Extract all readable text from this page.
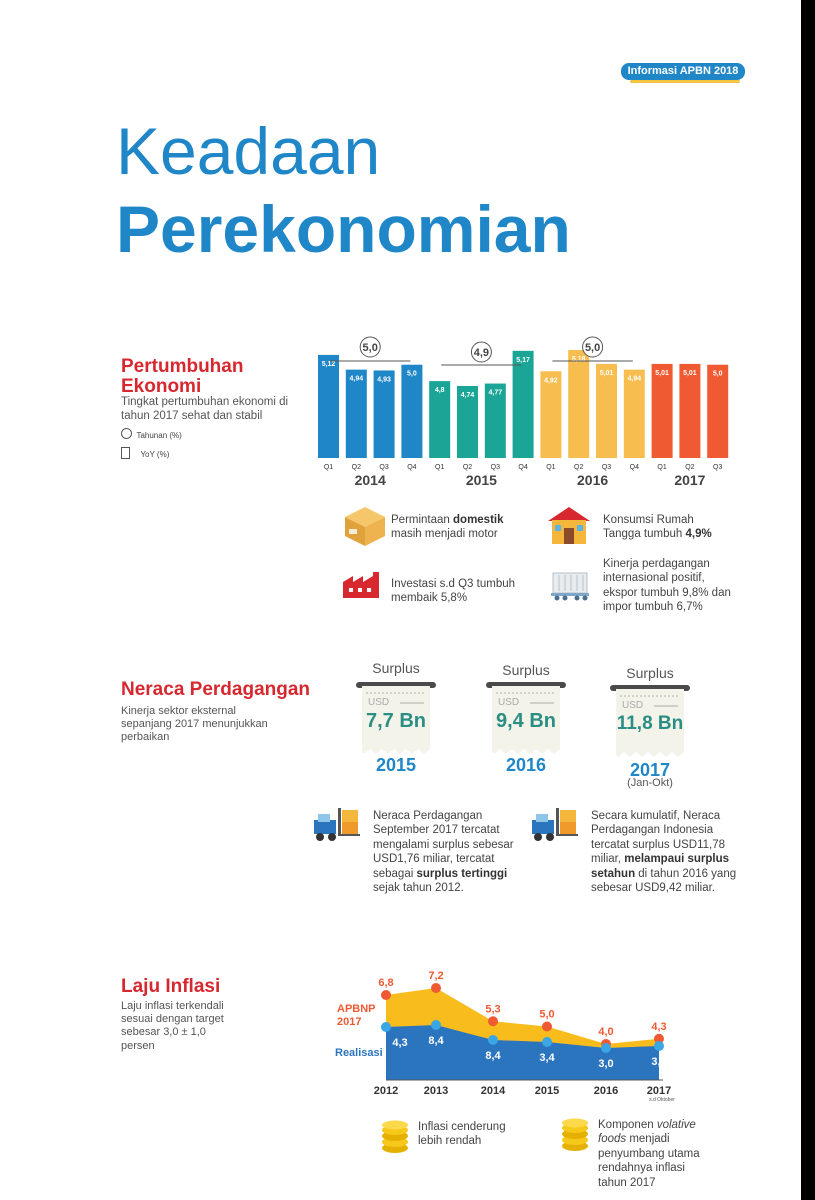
Informasi APBN 2018
Keadaan
Perekonomian
Pertumbuhan
Ekonomi
Tingkat pertumbuhan ekonomi di
tahun 2017 sehat dan stabil
Tahunan (%)
YoY (%)
5,12
Q1
4,94
Q2
4,93
Q3
5,0
Q4
4,8
Q1
4,74
Q2
4,77
Q3
5,17
Q4
4,92
Q1
5,18
Q2
5,01
Q3
4,94
Q4
5,01
Q1
5,01
Q2
5,0
Q3
2014	2015	2016	2017
5,0	4,9	5,0
Permintaan domestik
masih menjadi motor
Konsumsi Rumah
Tangga tumbuh 4,9%
Investasi s.d Q3 tumbuh
membaik 5,8%
Kinerja perdagangan
internasional positif,
ekspor tumbuh 9,8% dan
impor tumbuh 6,7%
Neraca Perdagangan
Kinerja sektor eksternal
sepanjang 2017 menunjukkan
perbaikan
Surplus
USD
7,7 Bn
2015
Surplus
USD
9,4 Bn
2016
Surplus
USD
11,8 Bn
2017
(Jan-Okt)
Neraca Perdagangan
September 2017 tercatat
mengalami surplus sebesar
USD1,76 miliar, tercatat
sebagai surplus tertinggi
sejak tahun 2012.
Secara kumulatif, Neraca
Perdagangan Indonesia
tercatat surplus USD11,78
miliar, melampaui surplus
setahun di tahun 2016 yang
sebesar USD9,42 miliar.
Laju Inflasi
Laju inflasi terkendali
sesuai dengan target
sebesar 3,0 ± 1,0
persen
APBNP
2017
Realisasi
6,8
4,3
2012
7,2
8,4
2013
5,3
8,4
2014
5,0
3,4
2015
4,0
3,0
2016
4,3
3,6
2017
s.d Oktober
Inflasi cenderung
lebih rendah
Komponen volative
foods menjadi
penyumbang utama
rendahnya inflasi
tahun 2017
